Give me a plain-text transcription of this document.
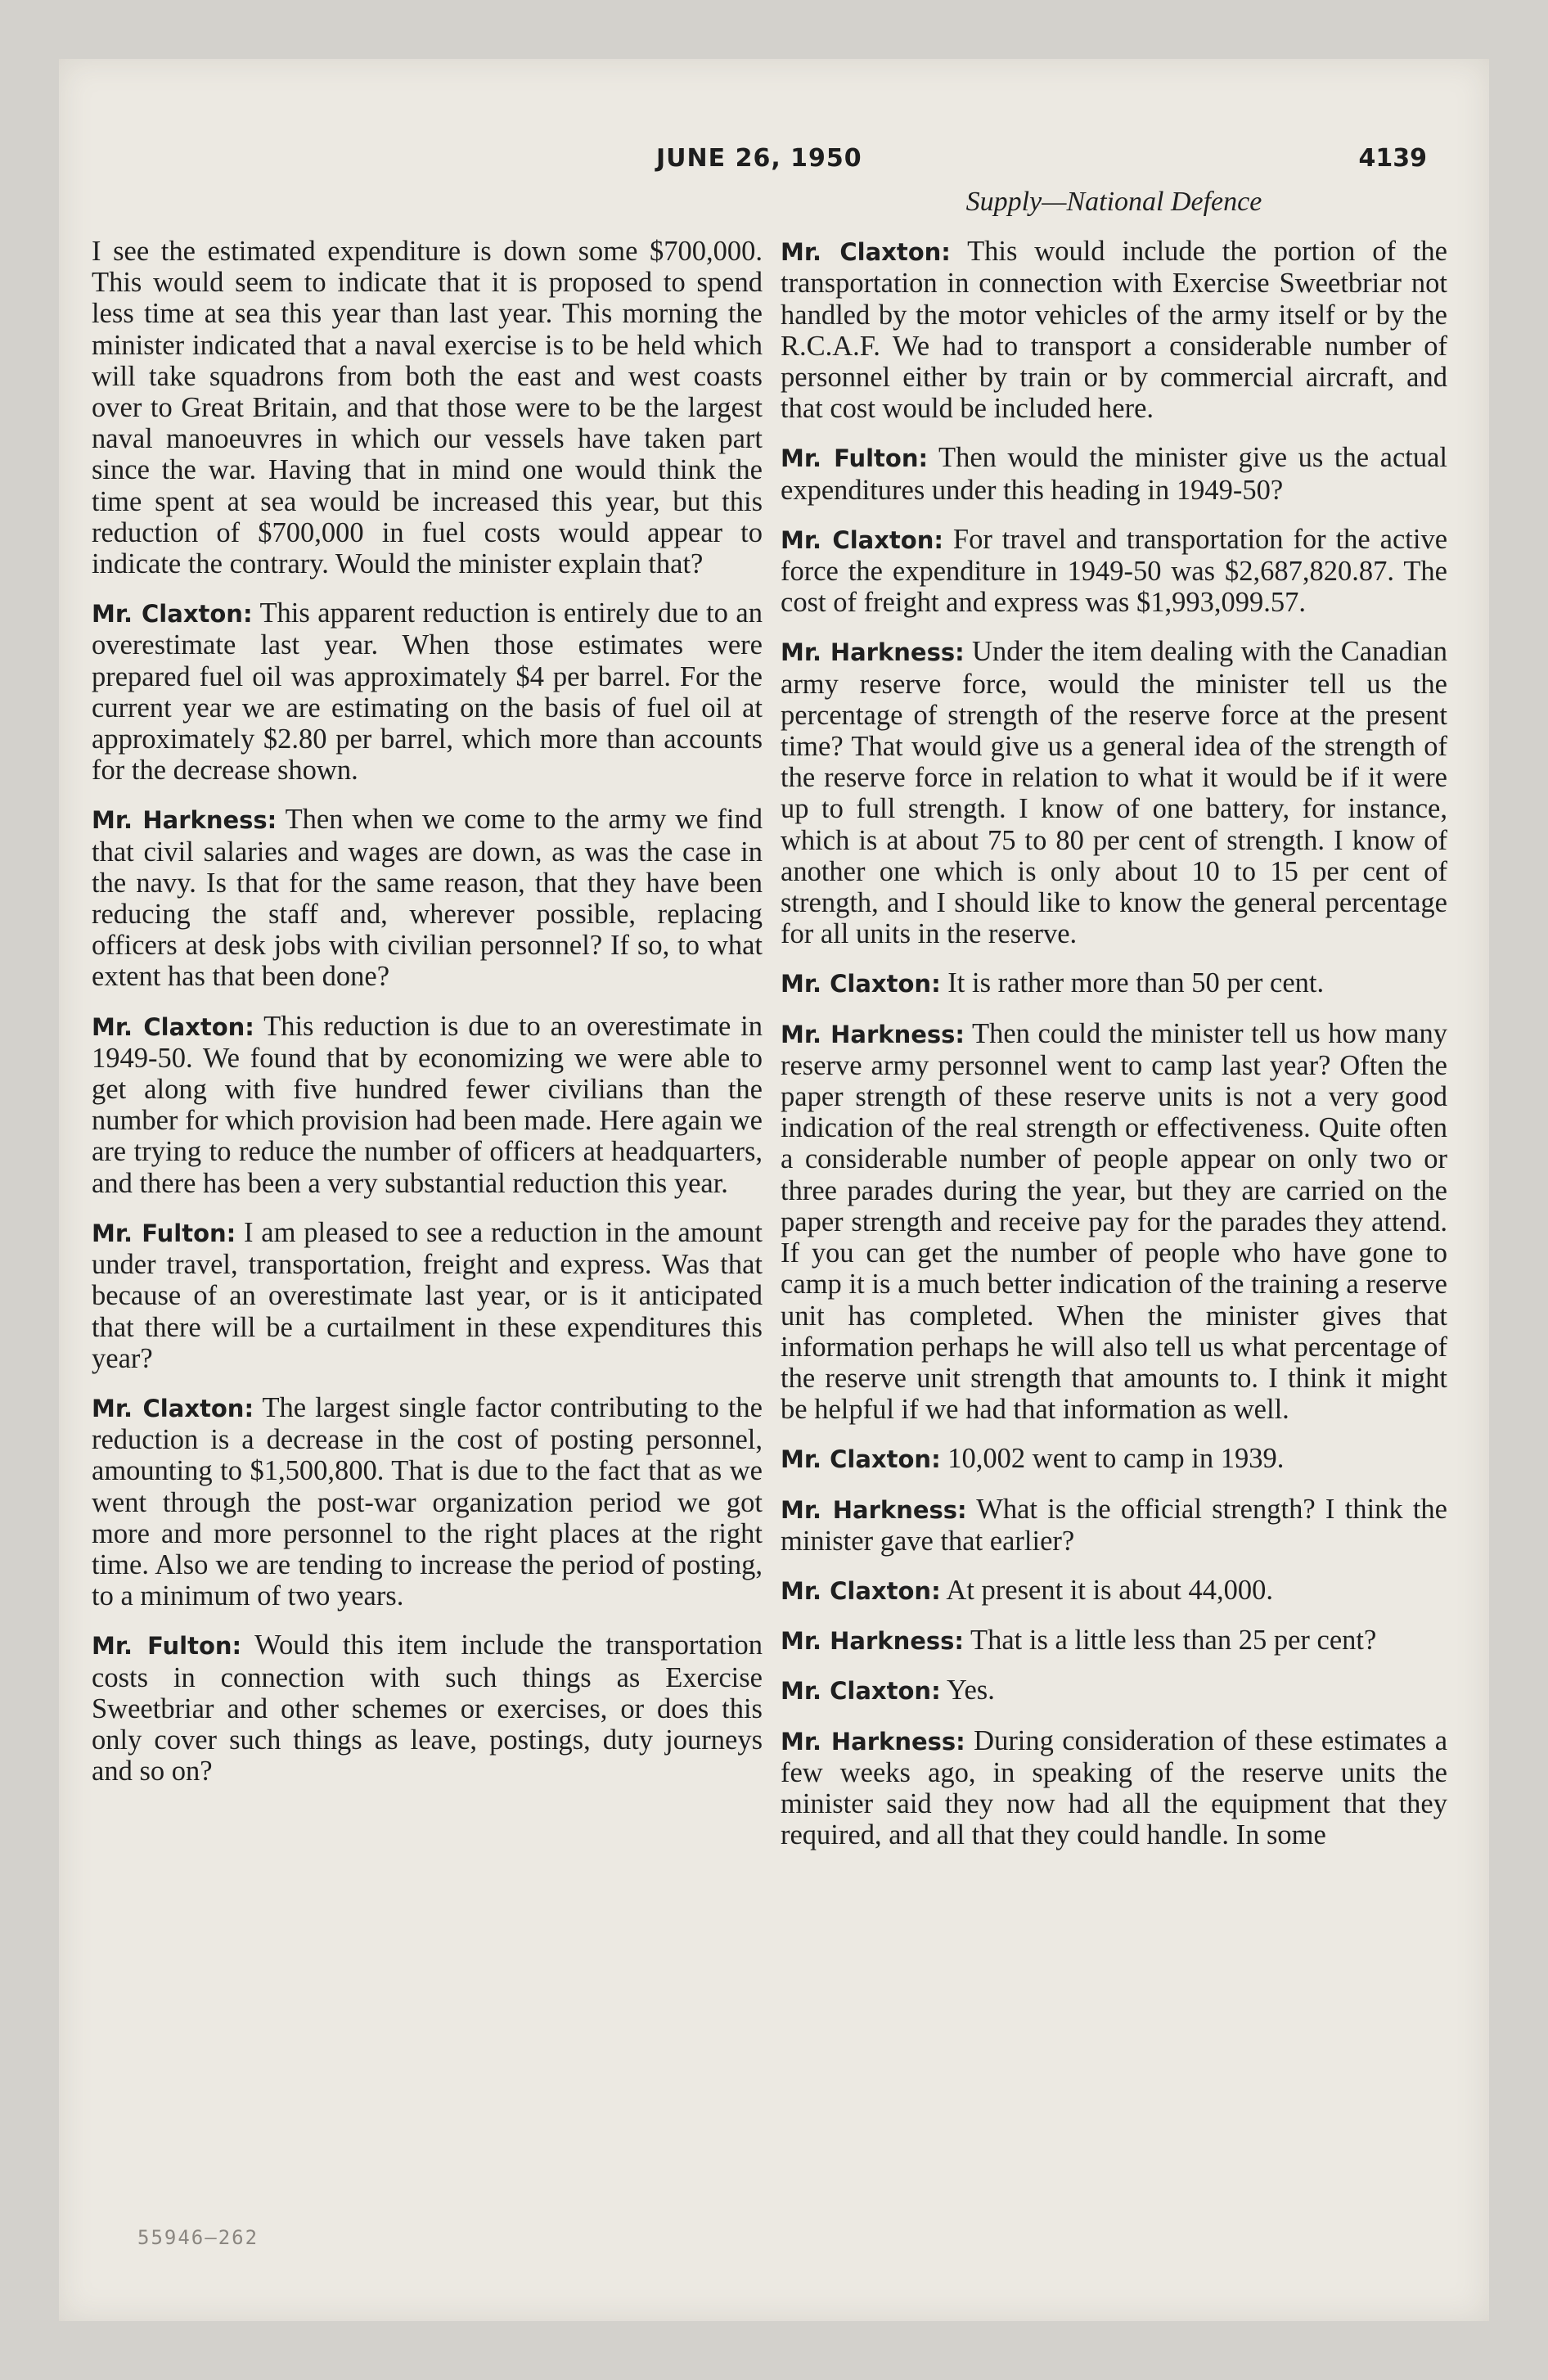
JUNE 26, 1950	4139

I see the estimated expenditure is down some $700,000. This would seem to indicate that it is proposed to spend less time at sea this year than last year. This morning the minister indicated that a naval exercise is to be held which will take squadrons from both the east and west coasts over to Great Britain, and that those were to be the largest naval manoeuvres in which our vessels have taken part since the war. Having that in mind one would think the time spent at sea would be increased this year, but this reduction of $700,000 in fuel costs would appear to indicate the contrary. Would the minister explain that?

Mr. Claxton: This apparent reduction is entirely due to an overestimate last year. When those estimates were prepared fuel oil was approximately $4 per barrel. For the current year we are estimating on the basis of fuel oil at approximately $2.80 per barrel, which more than accounts for the decrease shown.

Mr. Harkness: Then when we come to the army we find that civil salaries and wages are down, as was the case in the navy. Is that for the same reason, that they have been reducing the staff and, wherever possible, replacing officers at desk jobs with civilian personnel? If so, to what extent has that been done?

Mr. Claxton: This reduction is due to an overestimate in 1949-50. We found that by economizing we were able to get along with five hundred fewer civilians than the number for which provision had been made. Here again we are trying to reduce the number of officers at headquarters, and there has been a very substantial reduction this year.

Mr. Fulton: I am pleased to see a reduction in the amount under travel, transportation, freight and express. Was that because of an overestimate last year, or is it anticipated that there will be a curtailment in these expenditures this year?

Mr. Claxton: The largest single factor contributing to the reduction is a decrease in the cost of posting personnel, amounting to $1,500,800. That is due to the fact that as we went through the post-war organization period we got more and more personnel to the right places at the right time. Also we are tending to increase the period of posting, to a minimum of two years.

Mr. Fulton: Would this item include the transportation costs in connection with such things as Exercise Sweetbriar and other schemes or exercises, or does this only cover such things as leave, postings, duty journeys and so on?

Supply—National Defence

Mr. Claxton: This would include the portion of the transportation in connection with Exercise Sweetbriar not handled by the motor vehicles of the army itself or by the R.C.A.F. We had to transport a considerable number of personnel either by train or by commercial aircraft, and that cost would be included here.

Mr. Fulton: Then would the minister give us the actual expenditures under this heading in 1949-50?

Mr. Claxton: For travel and transportation for the active force the expenditure in 1949-50 was $2,687,820.87. The cost of freight and express was $1,993,099.57.

Mr. Harkness: Under the item dealing with the Canadian army reserve force, would the minister tell us the percentage of strength of the reserve force at the present time? That would give us a general idea of the strength of the reserve force in relation to what it would be if it were up to full strength. I know of one battery, for instance, which is at about 75 to 80 per cent of strength. I know of another one which is only about 10 to 15 per cent of strength, and I should like to know the general percentage for all units in the reserve.

Mr. Claxton: It is rather more than 50 per cent.

Mr. Harkness: Then could the minister tell us how many reserve army personnel went to camp last year? Often the paper strength of these reserve units is not a very good indication of the real strength or effectiveness. Quite often a considerable number of people appear on only two or three parades during the year, but they are carried on the paper strength and receive pay for the parades they attend. If you can get the number of people who have gone to camp it is a much better indication of the training a reserve unit has completed. When the minister gives that information perhaps he will also tell us what percentage of the reserve unit strength that amounts to. I think it might be helpful if we had that information as well.

Mr. Claxton: 10,002 went to camp in 1939.

Mr. Harkness: What is the official strength? I think the minister gave that earlier?

Mr. Claxton: At present it is about 44,000.

Mr. Harkness: That is a little less than 25 per cent?

Mr. Claxton: Yes.

Mr. Harkness: During consideration of these estimates a few weeks ago, in speaking of the reserve units the minister said they now had all the equipment that they required, and all that they could handle. In some

55946—262
